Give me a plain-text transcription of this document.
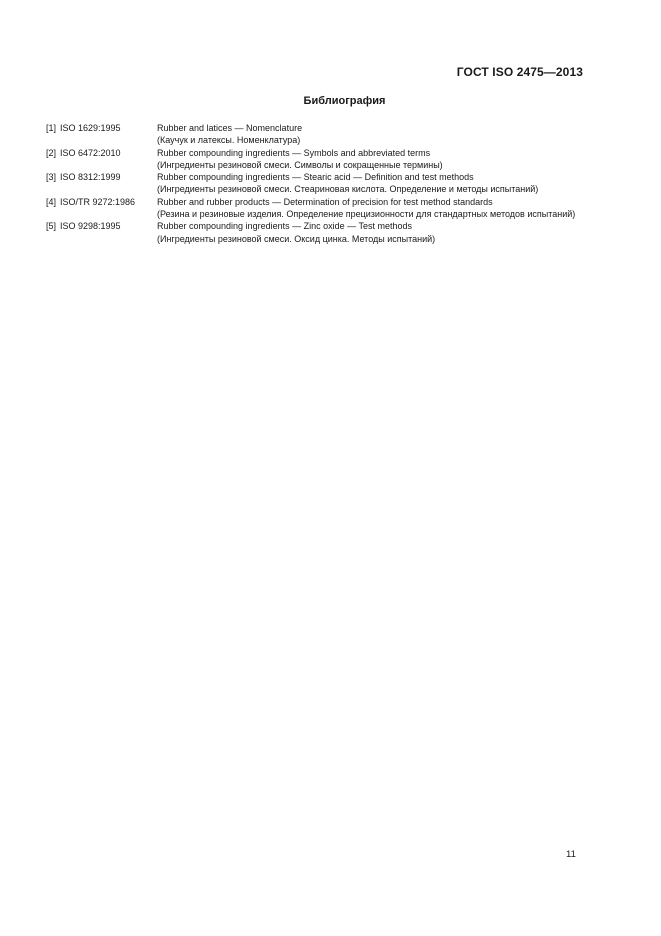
ГОСТ ISO 2475—2013
Библиография
[1] ISO 1629:1995	Rubber and latices — Nomenclature
(Каучук и латексы. Номенклатура)
[2] ISO 6472:2010	Rubber compounding ingredients — Symbols and abbreviated terms
(Ингредиенты резиновой смеси. Символы и сокращенные термины)
[3] ISO 8312:1999	Rubber compounding ingredients — Stearic acid — Definition and test methods
(Ингредиенты резиновой смеси. Стеариновая кислота. Определение и методы испытаний)
[4] ISO/TR 9272:1986	Rubber and rubber products — Determination of precision for test method standards
(Резина и резиновые изделия. Определение прецизионности для стандартных методов испытаний)
[5] ISO 9298:1995	Rubber compounding ingredients — Zinc oxide — Test methods
(Ингредиенты резиновой смеси. Оксид цинка. Методы испытаний)
11
